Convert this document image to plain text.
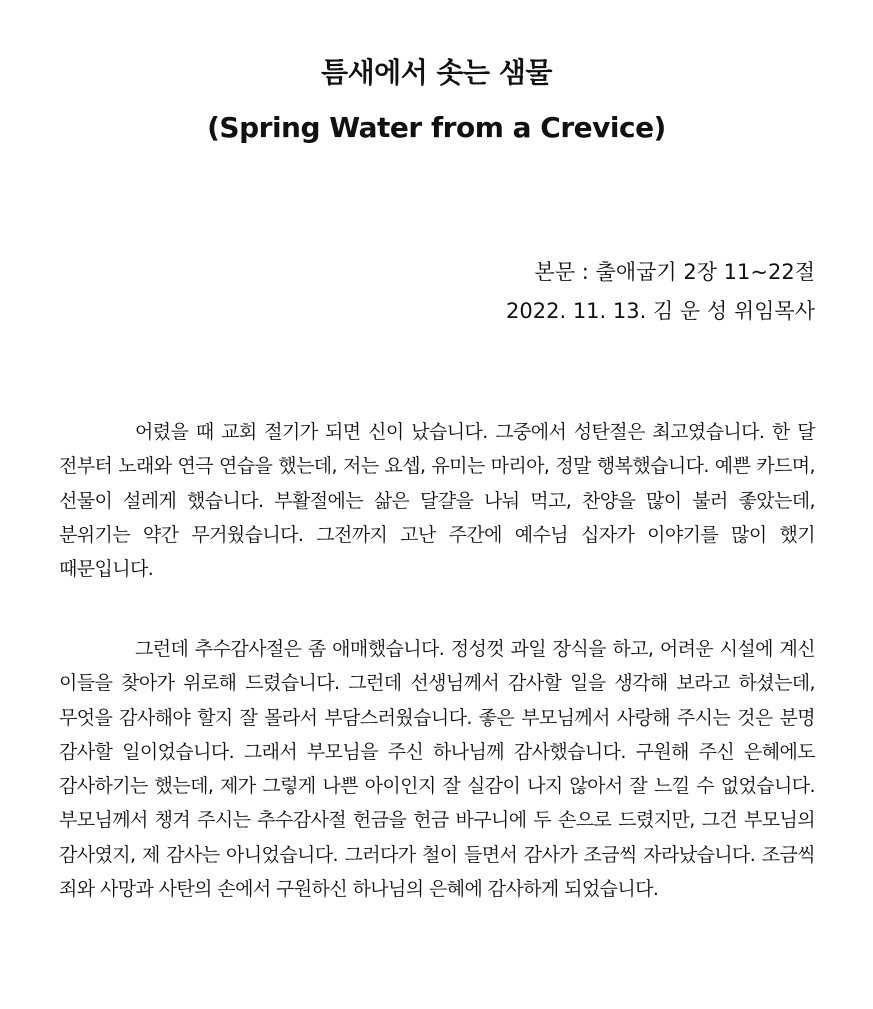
틈새에서 솟는 샘물
(Spring Water from a Crevice)
본문 : 출애굽기 2장 11~22절
2022. 11. 13. 김 운 성 위임목사

어렸을 때 교회 절기가 되면 신이 났습니다. 그중에서 성탄절은 최고였습니다. 한 달 전부터 노래와 연극 연습을 했는데, 저는 요셉, 유미는 마리아, 정말 행복했습니다. 예쁜 카드며, 선물이 설레게 했습니다. 부활절에는 삶은 달걀을 나눠 먹고, 찬양을 많이 불러 좋았는데, 분위기는 약간 무거웠습니다. 그전까지 고난 주간에 예수님 십자가 이야기를 많이 했기 때문입니다.

그런데 추수감사절은 좀 애매했습니다. 정성껏 과일 장식을 하고, 어려운 시설에 계신 이들을 찾아가 위로해 드렸습니다. 그런데 선생님께서 감사할 일을 생각해 보라고 하셨는데, 무엇을 감사해야 할지 잘 몰라서 부담스러웠습니다. 좋은 부모님께서 사랑해 주시는 것은 분명 감사할 일이었습니다. 그래서 부모님을 주신 하나님께 감사했습니다. 구원해 주신 은혜에도 감사하기는 했는데, 제가 그렇게 나쁜 아이인지 잘 실감이 나지 않아서 잘 느낄 수 없었습니다. 부모님께서 챙겨 주시는 추수감사절 헌금을 헌금 바구니에 두 손으로 드렸지만, 그건 부모님의 감사였지, 제 감사는 아니었습니다. 그러다가 철이 들면서 감사가 조금씩 자라났습니다. 조금씩 죄와 사망과 사탄의 손에서 구원하신 하나님의 은혜에 감사하게 되었습니다.
